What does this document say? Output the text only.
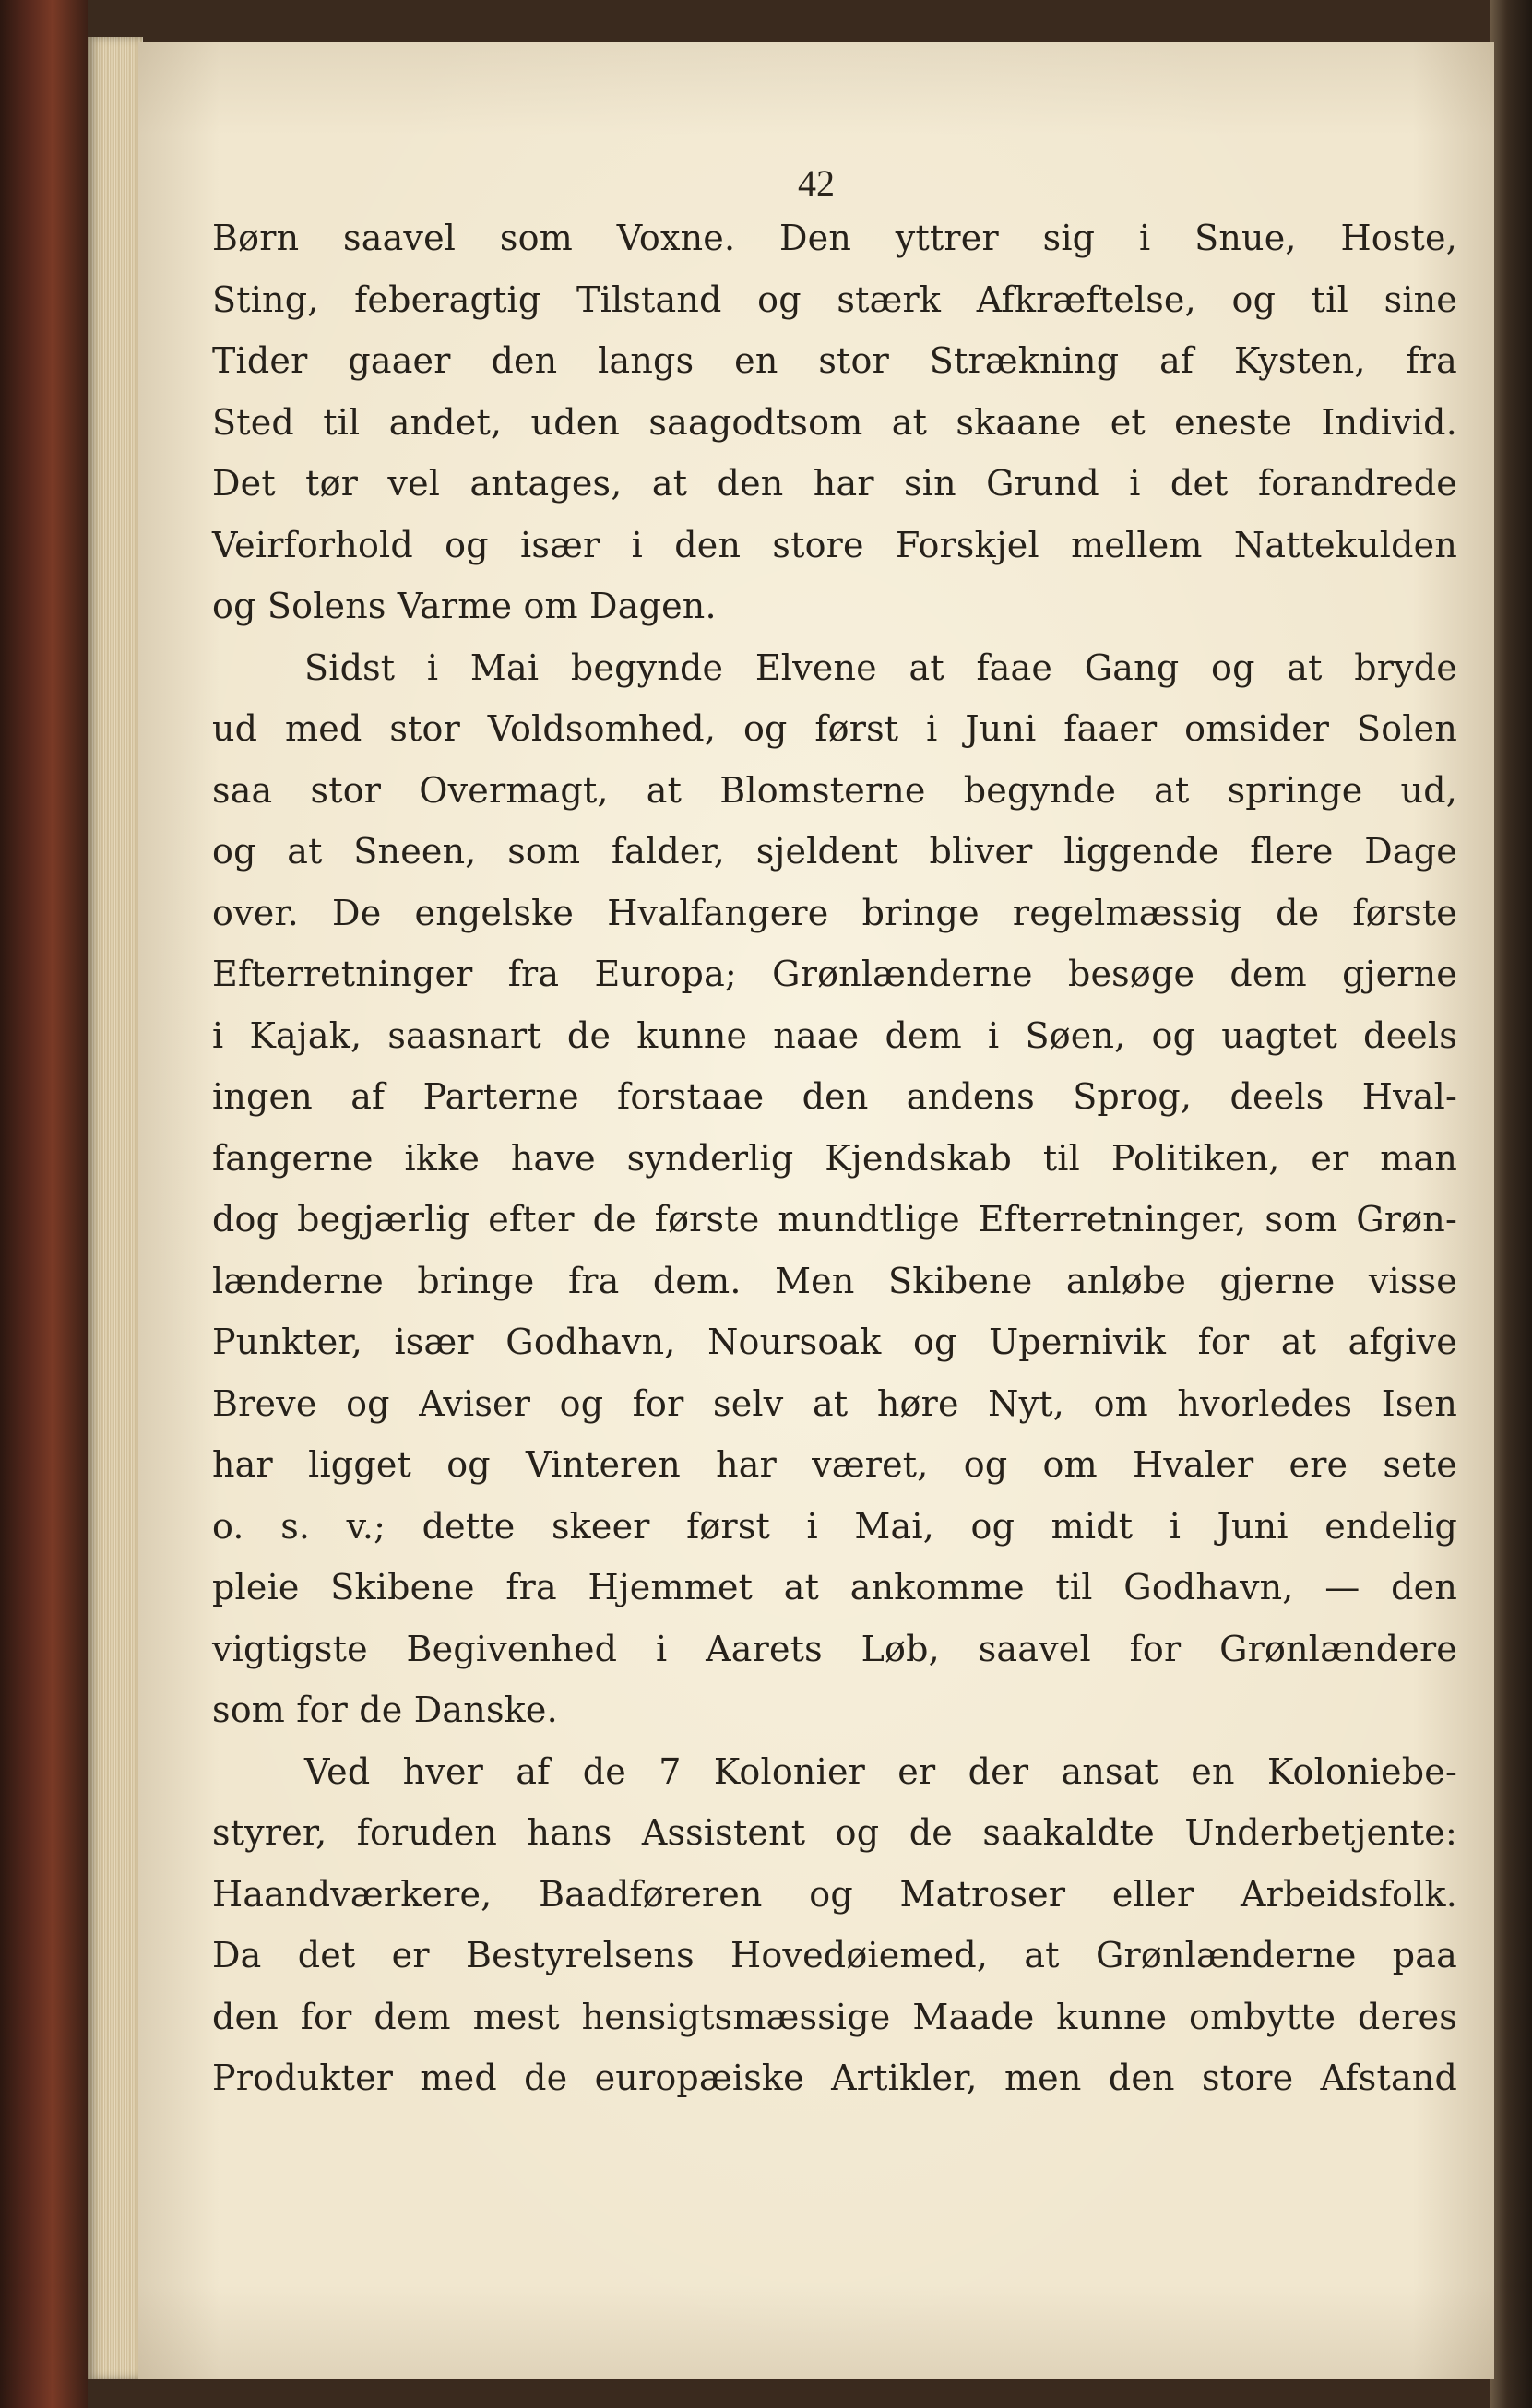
42
Børn saavel som Voxne. Den yttrer sig i Snue, Hoste,
Sting, feberagtig Tilstand og stærk Afkræftelse, og til sine
Tider gaaer den langs en stor Strækning af Kysten, fra
Sted til andet, uden saagodtsom at skaane et eneste Individ.
Det tør vel antages, at den har sin Grund i det forandrede
Veirforhold og især i den store Forskjel mellem Nattekulden
og Solens Varme om Dagen.
Sidst i Mai begynde Elvene at faae Gang og at bryde
ud med stor Voldsomhed, og først i Juni faaer omsider Solen
saa stor Overmagt, at Blomsterne begynde at springe ud,
og at Sneen, som falder, sjeldent bliver liggende flere Dage
over. De engelske Hvalfangere bringe regelmæssig de første
Efterretninger fra Europa; Grønlænderne besøge dem gjerne
i Kajak, saasnart de kunne naae dem i Søen, og uagtet deels
ingen af Parterne forstaae den andens Sprog, deels Hval-
fangerne ikke have synderlig Kjendskab til Politiken, er man
dog begjærlig efter de første mundtlige Efterretninger, som Grøn-
lænderne bringe fra dem. Men Skibene anløbe gjerne visse
Punkter, især Godhavn, Noursoak og Upernivik for at afgive
Breve og Aviser og for selv at høre Nyt, om hvorledes Isen
har ligget og Vinteren har været, og om Hvaler ere sete
o. s. v.; dette skeer først i Mai, og midt i Juni endelig
pleie Skibene fra Hjemmet at ankomme til Godhavn, — den
vigtigste Begivenhed i Aarets Løb, saavel for Grønlændere
som for de Danske.
Ved hver af de 7 Kolonier er der ansat en Koloniebe-
styrer, foruden hans Assistent og de saakaldte Underbetjente:
Haandværkere, Baadføreren og Matroser eller Arbeidsfolk.
Da det er Bestyrelsens Hovedøiemed, at Grønlænderne paa
den for dem mest hensigtsmæssige Maade kunne ombytte deres
Produkter med de europæiske Artikler, men den store Afstand
